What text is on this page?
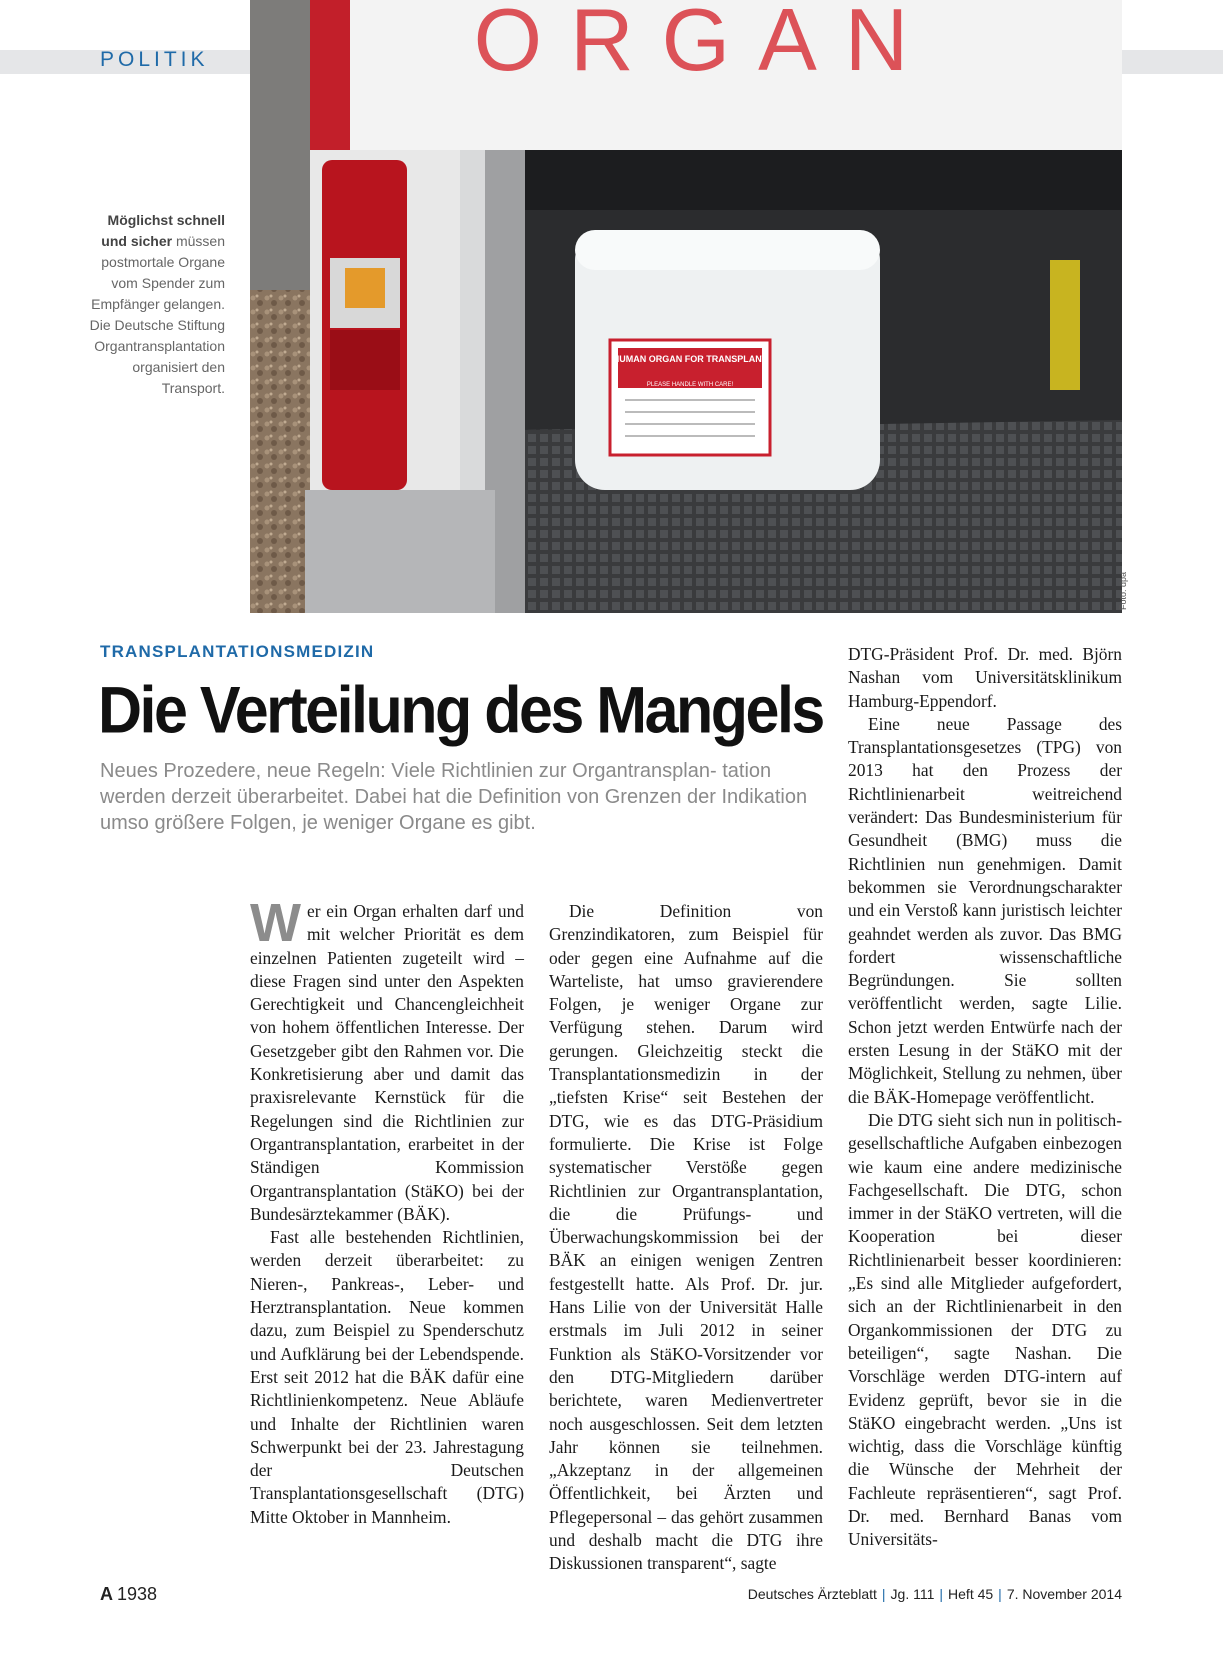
POLITIK
HUMAN ORGAN FOR TRANSPLANT
PLEASE HANDLE WITH CARE!
ORGAN
Foto: dpa
Möglichst schnell und sicher müssen postmortale Organe vom Spender zum Empfänger gelangen. Die Deutsche Stiftung Organtransplantation organisiert den Transport.
TRANSPLANTATIONSMEDIZIN
Die Verteilung des Mangels
Neues Prozedere, neue Regeln: Viele Richtlinien zur Organtransplan- tation werden derzeit überarbeitet. Dabei hat die Definition von Grenzen der Indikation umso größere Folgen, je weniger Organe es gibt.

Wer ein Organ erhalten darf und mit welcher Priorität es dem einzelnen Patienten zugeteilt wird – diese Fragen sind unter den Aspekten Gerechtigkeit und Chancengleichheit von hohem öffentlichen Interesse. Der Gesetzgeber gibt den Rahmen vor. Die Konkretisierung aber und damit das praxisrelevante Kernstück für die Regelungen sind die Richtlinien zur Organtransplantation, erarbeitet in der Ständigen Kommission Organtransplantation (StäKO) bei der Bundesärztekammer (BÄK).

Fast alle bestehenden Richtlinien, werden derzeit überarbeitet: zu Nieren-, Pankreas-, Leber- und Herztransplantation. Neue kommen dazu, zum Beispiel zu Spenderschutz und Aufklärung bei der Lebendspende. Erst seit 2012 hat die BÄK dafür eine Richtlinienkompetenz. Neue Abläufe und Inhalte der Richtlinien waren Schwerpunkt bei der 23. Jahrestagung der Deutschen Transplantationsgesellschaft (DTG) Mitte Oktober in Mannheim.

Die Definition von Grenzindikatoren, zum Beispiel für oder gegen eine Aufnahme auf die Warteliste, hat umso gravierendere Folgen, je weniger Organe zur Verfügung stehen. Darum wird gerungen. Gleichzeitig steckt die Transplantationsmedizin in der „tiefsten Krise“ seit Bestehen der DTG, wie es das DTG-Präsidium formulierte. Die Krise ist Folge systematischer Verstöße gegen Richtlinien zur Organtransplantation, die die Prüfungs- und Überwachungskommission bei der BÄK an einigen wenigen Zentren festgestellt hatte. Als Prof. Dr. jur. Hans Lilie von der Universität Halle erstmals im Juli 2012 in seiner Funktion als StäKO-Vorsitzender vor den DTG-Mitgliedern darüber berichtete, waren Medienvertreter noch ausgeschlossen. Seit dem letzten Jahr können sie teilnehmen. „Akzeptanz in der allgemeinen Öffentlichkeit, bei Ärzten und Pflegepersonal – das gehört zusammen und deshalb macht die DTG ihre Diskussionen transparent“, sagte

DTG-Präsident Prof. Dr. med. Björn Nashan vom Universitätsklinikum Hamburg-Eppendorf.

Eine neue Passage des Transplantationsgesetzes (TPG) von 2013 hat den Prozess der Richtlinienarbeit weitreichend verändert: Das Bundesministerium für Gesundheit (BMG) muss die Richtlinien nun genehmigen. Damit bekommen sie Verordnungscharakter und ein Verstoß kann juristisch leichter geahndet werden als zuvor. Das BMG fordert wissenschaftliche Begründungen. Sie sollten veröffentlicht werden, sagte Lilie. Schon jetzt werden Entwürfe nach der ersten Lesung in der StäKO mit der Möglichkeit, Stellung zu nehmen, über die BÄK-Homepage veröffentlicht.

Die DTG sieht sich nun in politisch-gesellschaftliche Aufgaben einbezogen wie kaum eine andere medizinische Fachgesellschaft. Die DTG, schon immer in der StäKO vertreten, will die Kooperation bei dieser Richtlinienarbeit besser koordinieren: „Es sind alle Mitglieder aufgefordert, sich an der Richtlinienarbeit in den Organkommissionen der DTG zu beteiligen“, sagte Nashan. Die Vorschläge werden DTG-intern auf Evidenz geprüft, bevor sie in die StäKO eingebracht werden. „Uns ist wichtig, dass die Vorschläge künftig die Wünsche der Mehrheit der Fachleute repräsentieren“, sagt Prof. Dr. med. Bernhard Banas vom Universitäts-

A 1938	Deutsches Ärzteblatt | Jg. 111 | Heft 45 | 7. November 2014
